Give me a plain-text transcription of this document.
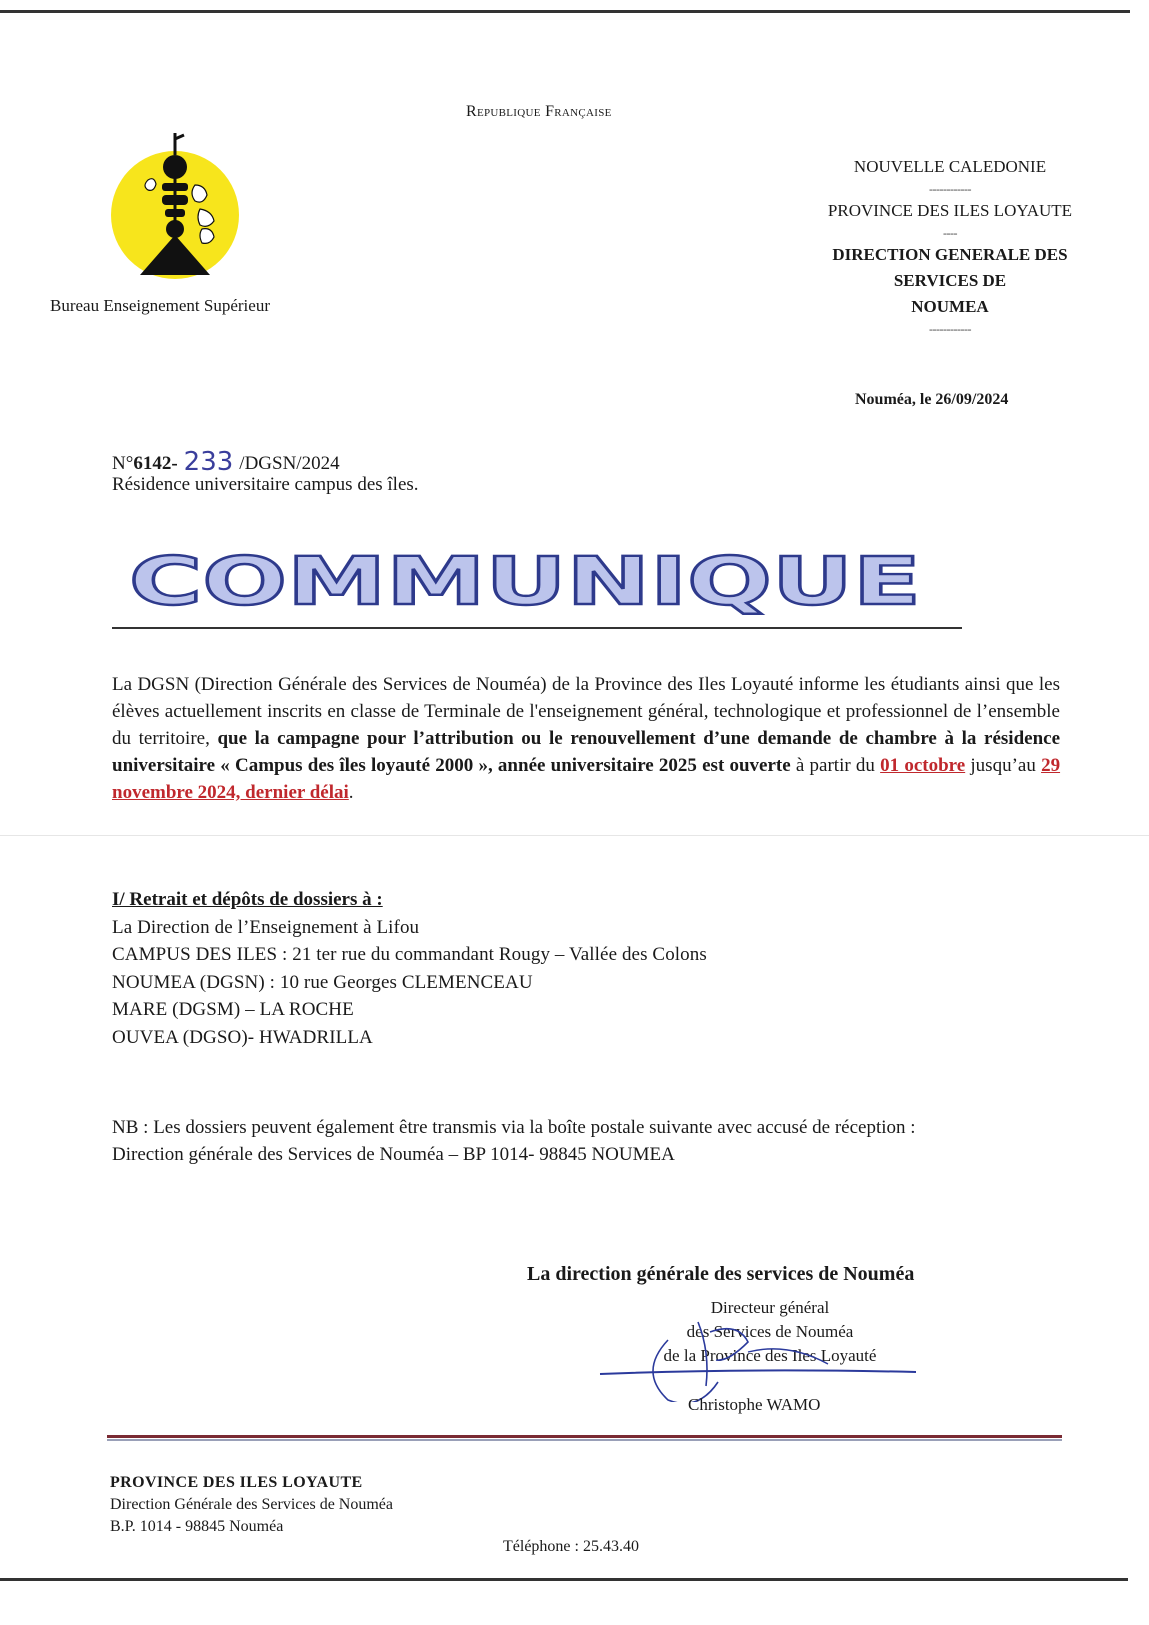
Republique Française
Bureau Enseignement Supérieur
NOUVELLE CALEDONIE
------------
PROVINCE DES ILES LOYAUTE
----
DIRECTION GENERALE DES
SERVICES DE
NOUMEA
------------
Nouméa, le 26/09/2024
N°6142- 233 /DGSN/2024
Résidence universitaire campus des îles.
COMMUNIQUE
La DGSN (Direction Générale des Services de Nouméa) de la Province des Iles Loyauté informe les étudiants ainsi que les élèves actuellement inscrits en classe de Terminale de l'enseignement général, technologique et professionnel de l’ensemble du territoire, que la campagne pour l’attribution ou le renouvellement d’une demande de chambre à la résidence universitaire « Campus des îles loyauté 2000 », année universitaire 2025 est ouverte à partir du 01 octobre jusqu’au 29 novembre 2024, dernier délai.
I/ Retrait et dépôts de dossiers à :
La Direction de l’Enseignement à Lifou
CAMPUS DES ILES : 21 ter rue du commandant Rougy – Vallée des Colons
NOUMEA (DGSN) : 10 rue Georges CLEMENCEAU
MARE (DGSM) – LA ROCHE
OUVEA (DGSO)- HWADRILLA
NB : Les dossiers peuvent également être transmis via la boîte postale suivante avec accusé de réception :
Direction générale des Services de Nouméa – BP 1014- 98845 NOUMEA
La direction générale des services de Nouméa
Directeur général
des Services de Nouméa
de la Province des Iles Loyauté
Christophe WAMO
PROVINCE DES ILES LOYAUTE
Direction Générale des Services de Nouméa
B.P. 1014 - 98845 Nouméa
Téléphone : 25.43.40
